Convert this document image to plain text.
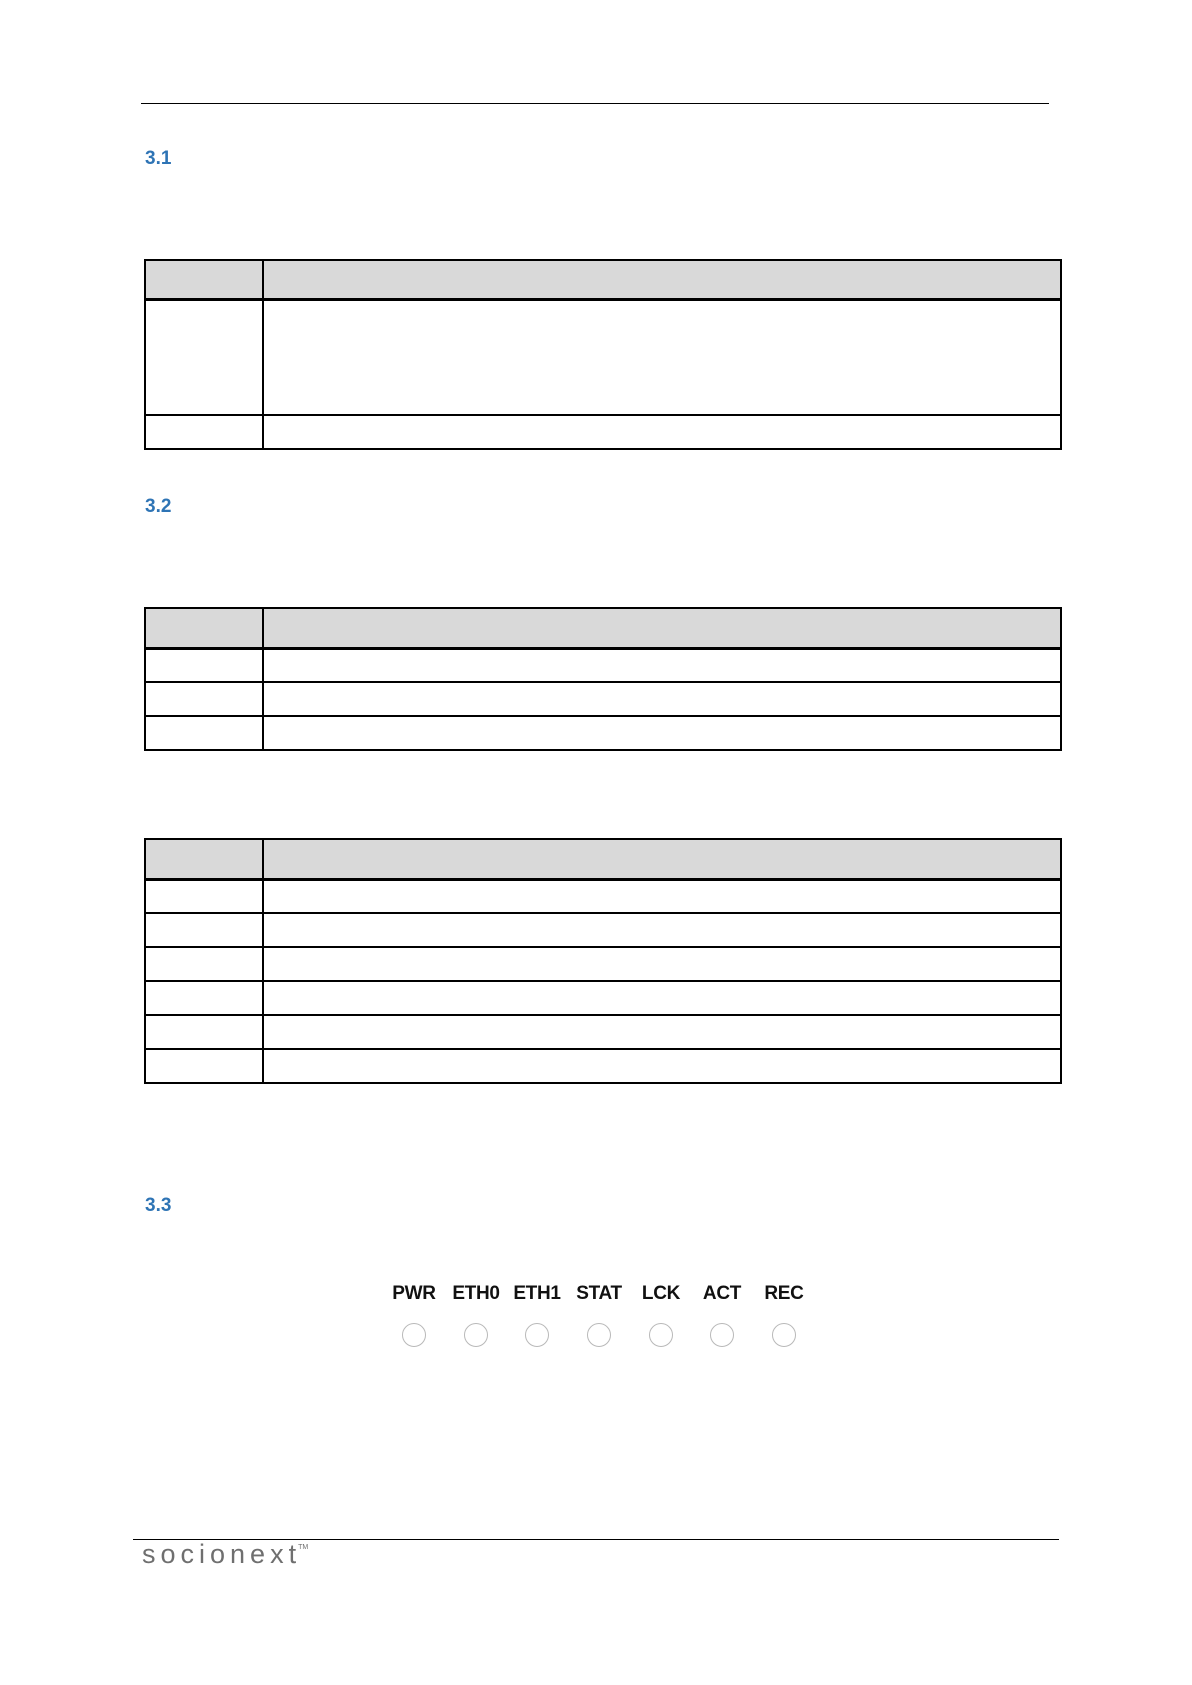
3.1

3.2

3.3
PWR ETH0 ETH1 STAT	LCK	ACT	REC
socionext™
